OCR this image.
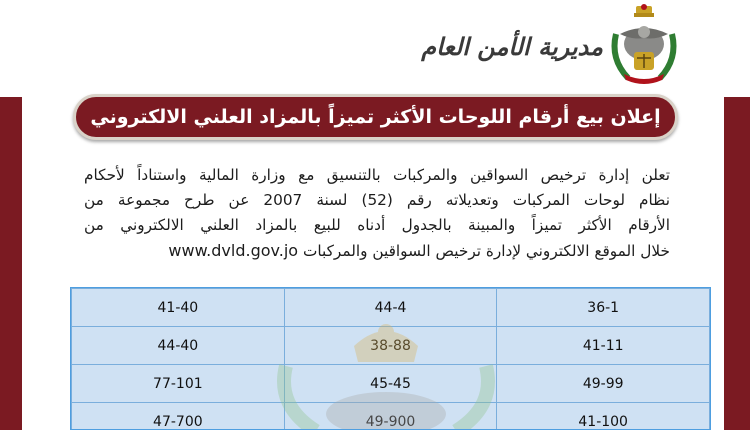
مديرية الأمن العام
إعلان بيع أرقام اللوحات الأكثر تميزاً بالمزاد العلني الالكتروني
تعلن إدارة ترخيص السواقين والمركبات بالتنسيق مع وزارة المالية واستناداً لأحكام
نظام لوحات المركبات وتعديلاته رقم (52) لسنة 2007 عن طرح مجموعة من
الأرقام الأكثر تميزاً والمبينة بالجدول أدناه للبيع بالمزاد العلني الالكتروني من
خلال الموقع الالكتروني لإدارة ترخيص السواقين والمركبات www.dvld.gov.jo
36-1	44-4	41-40
41-11	38-88	44-40
49-99	45-45	77-101
41-100	49-900	47-700
